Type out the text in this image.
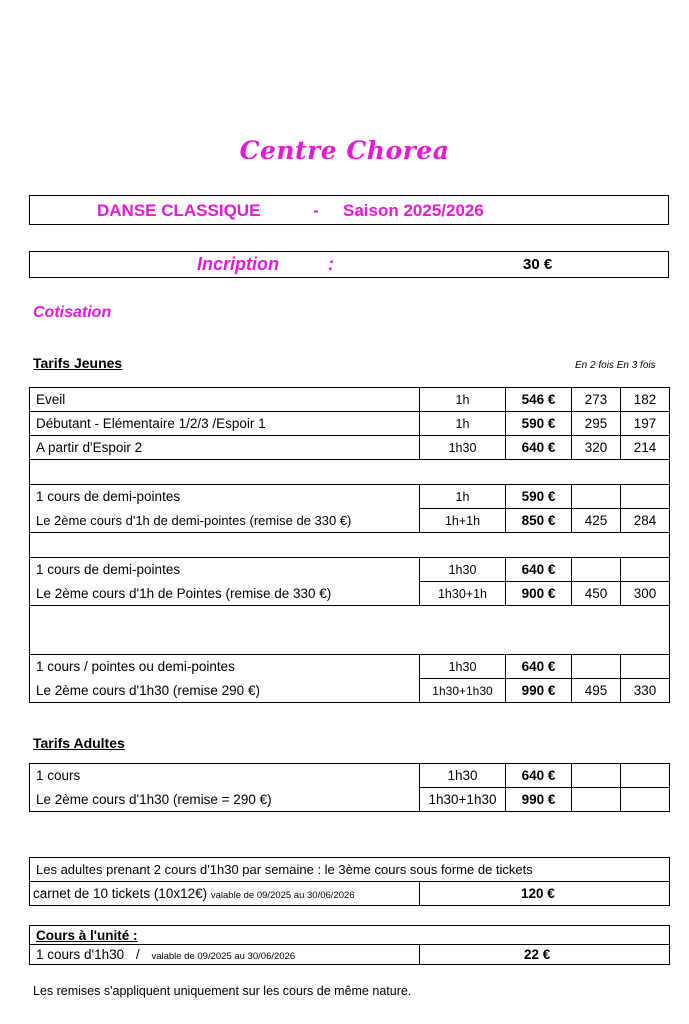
Centre Chorea
DANSE CLASSIQUE	- Saison 2025/2026
Incription	:	30 €
Cotisation
Tarifs Jeunes	En 2 fois En 3 fois
Eveil	1h	546 €	273	182
Débutant - Elémentaire 1/2/3 /Espoir 1	1h	590 €	295	197
A partir d'Espoir 2	1h30	640 €	320	214

1 cours de demi-pointes	1h	590 €		
Le 2ème cours d'1h de demi-pointes (remise de 330 €)	1h+1h	850 €	425	284

1 cours de demi-pointes	1h30	640 €		
Le 2ème cours d'1h de Pointes (remise de 330 €)	1h30+1h	900 €	450	300

1 cours / pointes ou demi-pointes	1h30	640 €		
Le 2ème cours d'1h30 (remise 290 €)	1h30+1h30	990 €	495	330
Tarifs Adultes
1 cours	1h30	640 €		
Le 2ème cours d'1h30 (remise = 290 €)	1h30+1h30	990 €		
Les adultes prenant 2 cours d'1h30 par semaine : le 3ème cours sous forme de tickets
carnet de 10 tickets (10x12€) valable de 09/2025 au 30/06/2026	120 €
Cours à l'unité :
1 cours d'1h30 / valable de 09/2025 au 30/06/2026	22 €
Les remises s'appliquent uniquement sur les cours de même nature.
